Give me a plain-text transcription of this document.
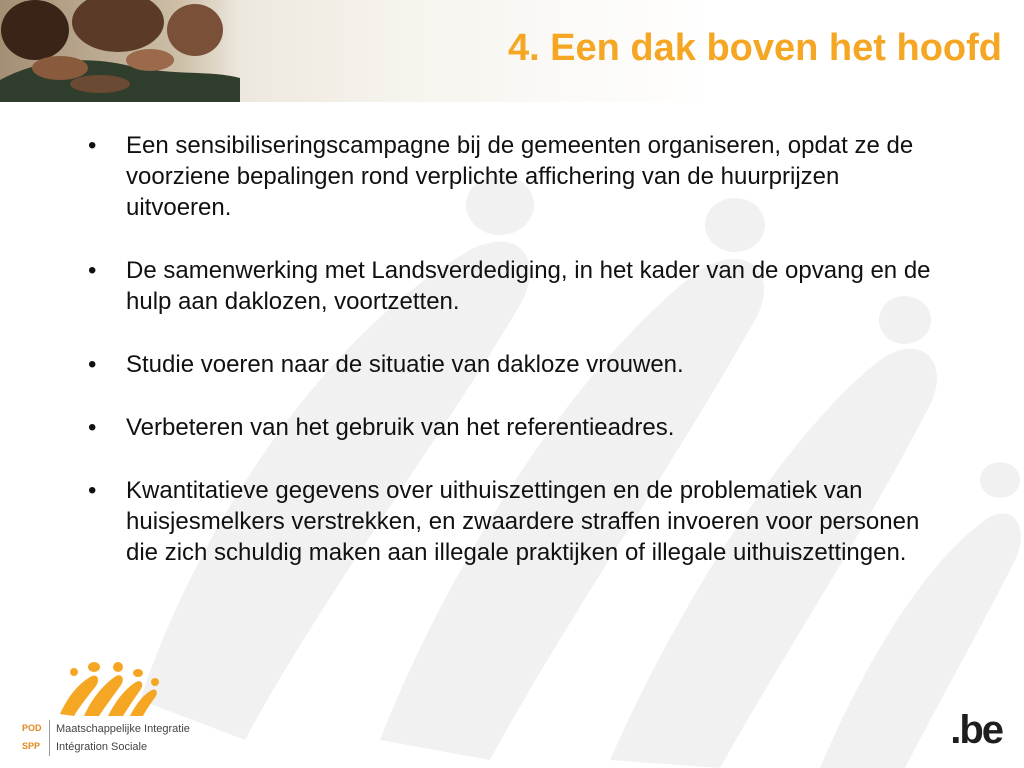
4. Een dak boven het hoofd
• Een sensibiliseringscampagne bij de gemeenten organiseren, opdat ze de voorziene bepalingen rond verplichte affichering van de huurprijzen uitvoeren.
• De samenwerking met Landsverdediging, in het kader van de opvang en de hulp aan daklozen, voortzetten.
• Studie voeren naar de situatie van dakloze vrouwen.
• Verbeteren van het gebruik van het referentieadres.
• Kwantitatieve gegevens over uithuiszettingen en de problematiek van huisjesmelkers verstrekken, en zwaardere straffen invoeren voor personen die zich schuldig maken aan illegale praktijken of illegale uithuiszettingen.
POD
SPP
Maatschappelijke Integratie
Intégration Sociale	.be
